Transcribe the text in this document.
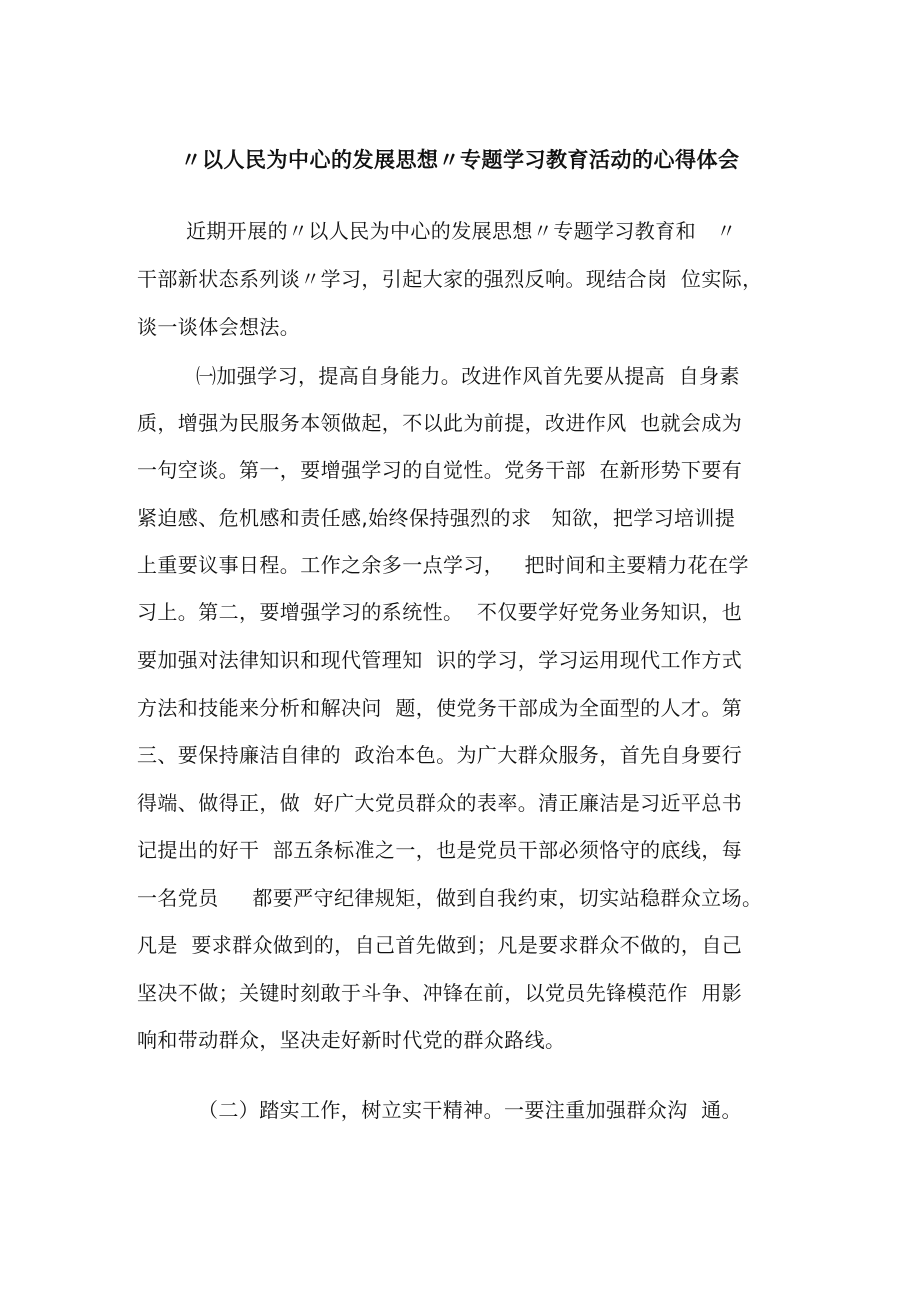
〃以人民为中心的发展思想〃专题学习教育活动的心得体会
近期开展的〃以人民为中心的发展思想〃专题学习教育和   〃
干部新状态系列谈〃学习，引起大家的强烈反响。现结合岗  位实际，
谈一谈体会想法。
㈠加强学习，提高自身能力。改进作风首先要从提高  自身素
质，增强为民服务本领做起，不以此为前提，改进作风  也就会成为
一句空谈。第一，要增强学习的自觉性。党务干部  在新形势下要有
紧迫感、危机感和责任感,始终保持强烈的求   知欲，把学习培训提
上重要议事日程。工作之余多一点学习，   把时间和主要精力花在学
习上。第二，要增强学习的系统性。  不仅要学好党务业务知识，也
要加强对法律知识和现代管理知  识的学习，学习运用现代工作方式
方法和技能来分析和解决问  题，使党务干部成为全面型的人才。第
三、要保持廉洁自律的  政治本色。为广大群众服务，首先自身要行
得端、做得正，做  好广大党员群众的表率。清正廉洁是习近平总书
记提出的好干  部五条标准之一，也是党员干部必须恪守的底线，每
一名党员     都要严守纪律规矩，做到自我约束，切实站稳群众立场。
凡是  要求群众做到的，自己首先做到；凡是要求群众不做的，自己
坚决不做；关键时刻敢于斗争、冲锋在前，以党员先锋模范作  用影
响和带动群众，坚决走好新时代党的群众路线。
（二）踏实工作，树立实干精神。一要注重加强群众沟  通。
